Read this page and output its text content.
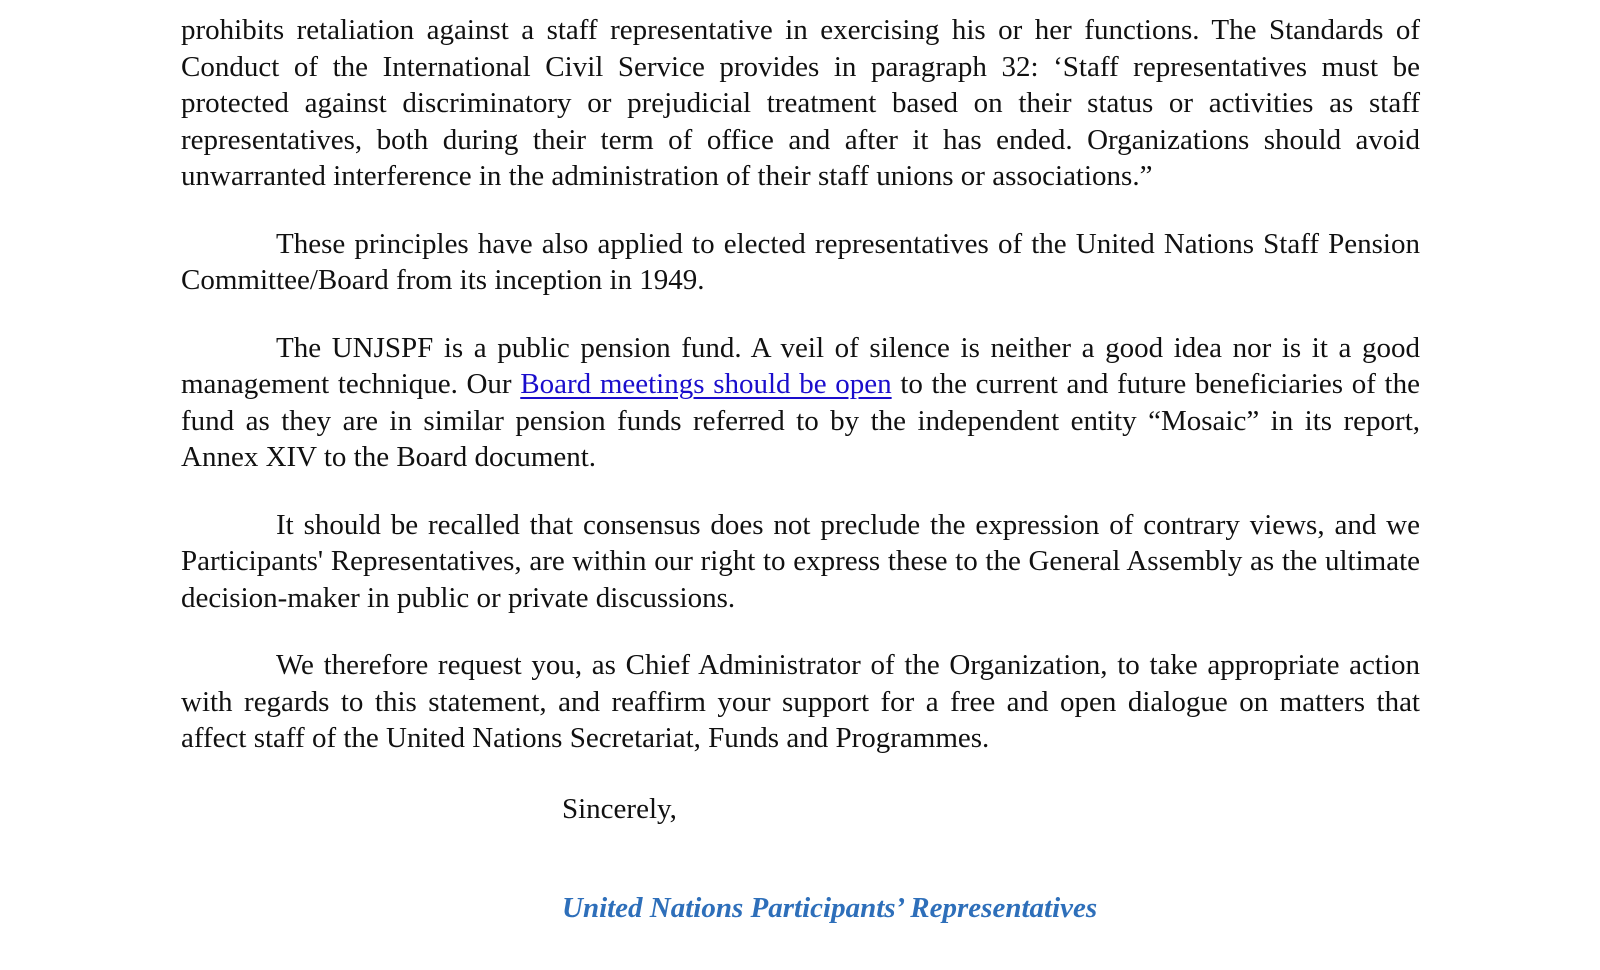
prohibits retaliation against a staff representative in exercising his or her functions. The Standards of Conduct of the International Civil Service provides in paragraph 32: ‘Staff representatives must be protected against discriminatory or prejudicial treatment based on their status or activities as staff representatives, both during their term of office and after it has ended. Organizations should avoid unwarranted interference in the administration of their staff unions or associations.”

These principles have also applied to elected representatives of the United Nations Staff Pension Committee/Board from its inception in 1949.

The UNJSPF is a public pension fund. A veil of silence is neither a good idea nor is it a good management technique. Our Board meetings should be open to the current and future beneficiaries of the fund as they are in similar pension funds referred to by the independent entity “Mosaic” in its report, Annex XIV to the Board document.

It should be recalled that consensus does not preclude the expression of contrary views, and we Participants' Representatives, are within our right to express these to the General Assembly as the ultimate decision-maker in public or private discussions.

We therefore request you, as Chief Administrator of the Organization, to take appropriate action with regards to this statement, and reaffirm your support for a free and open dialogue on matters that affect staff of the United Nations Secretariat, Funds and Programmes.

Sincerely,

United Nations Participants’ Representatives
